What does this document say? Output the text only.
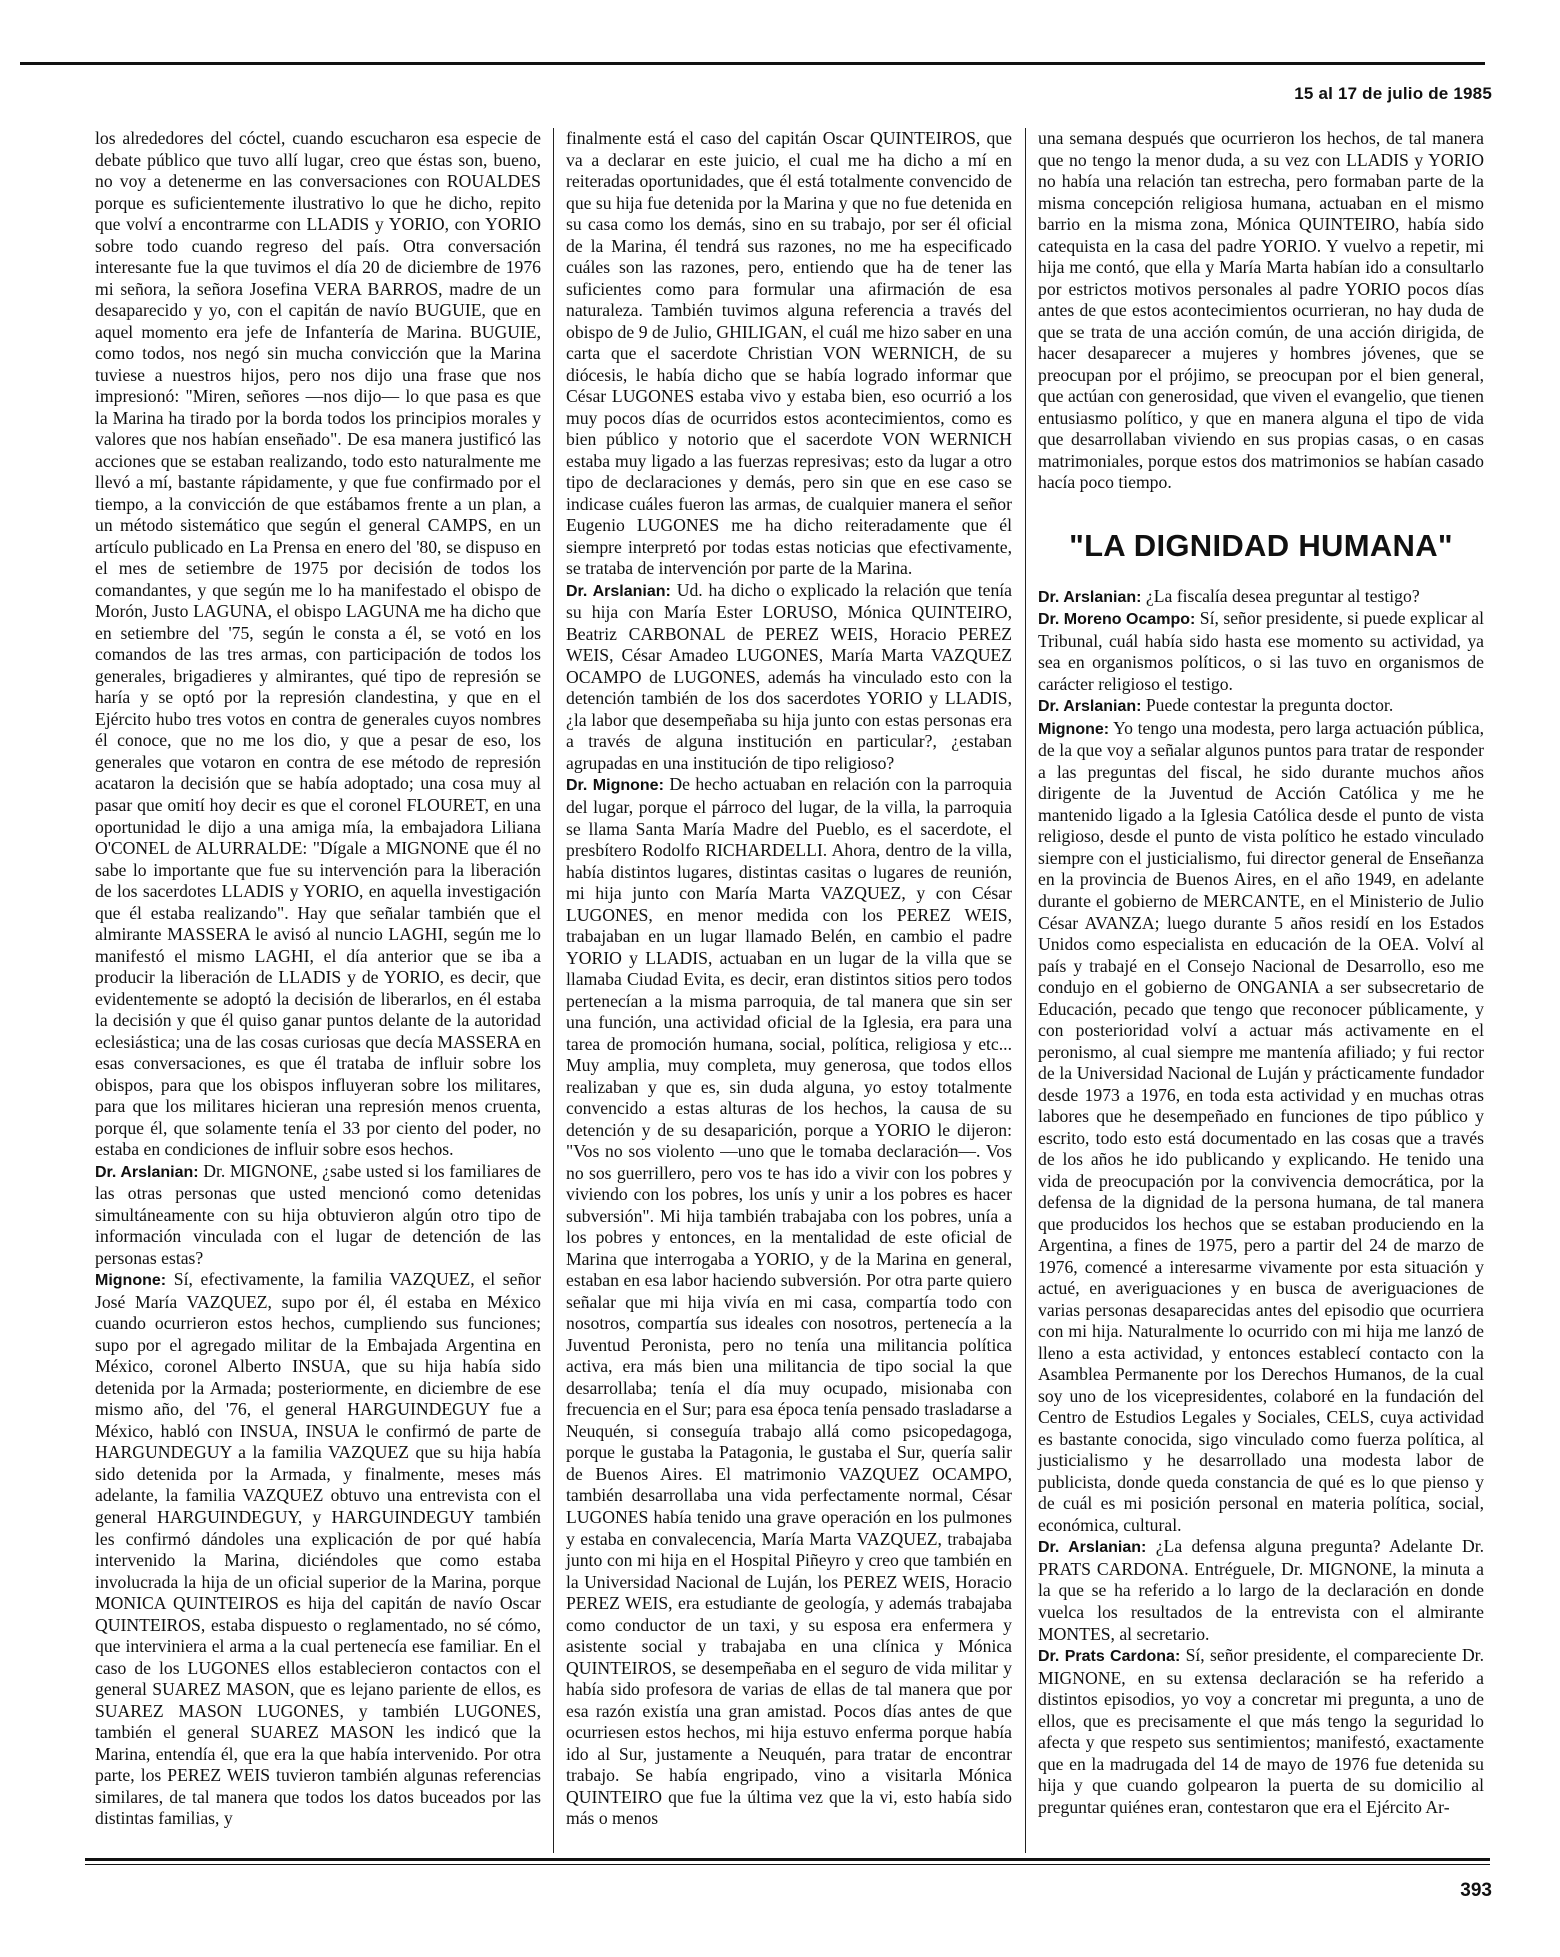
15 al 17 de julio de 1985

los alrededores del cóctel, cuando escucharon esa especie de debate público que tuvo allí lugar, creo que éstas son, bueno, no voy a detenerme en las conversaciones con ROUALDES porque es suficientemente ilustrativo lo que he dicho, repito que volví a encontrarme con LLADIS y YORIO, con YORIO sobre todo cuando regreso del país. Otra conversación interesante fue la que tuvimos el día 20 de diciembre de 1976 mi señora, la señora Josefina VERA BARROS, madre de un desaparecido y yo, con el capitán de navío BUGUIE, que en aquel momento era jefe de Infantería de Marina. BUGUIE, como todos, nos negó sin mucha convicción que la Marina tuviese a nuestros hijos, pero nos dijo una frase que nos impresionó: "Miren, señores —nos dijo— lo que pasa es que la Marina ha tirado por la borda todos los principios morales y valores que nos habían enseñado". De esa manera justificó las acciones que se estaban realizando, todo esto naturalmente me llevó a mí, bastante rápidamente, y que fue confirmado por el tiempo, a la convicción de que estábamos frente a un plan, a un método sistemático que según el general CAMPS, en un artículo publicado en La Prensa en enero del '80, se dispuso en el mes de setiembre de 1975 por decisión de todos los comandantes, y que según me lo ha manifestado el obispo de Morón, Justo LAGUNA, el obispo LAGUNA me ha dicho que en setiembre del '75, según le consta a él, se votó en los comandos de las tres armas, con participación de todos los generales, brigadieres y almirantes, qué tipo de represión se haría y se optó por la represión clandestina, y que en el Ejército hubo tres votos en contra de generales cuyos nombres él conoce, que no me los dio, y que a pesar de eso, los generales que votaron en contra de ese método de represión acataron la decisión que se había adoptado; una cosa muy al pasar que omití hoy decir es que el coronel FLOURET, en una oportunidad le dijo a una amiga mía, la embajadora Liliana O'CONEL de ALURRALDE: "Dígale a MIGNONE que él no sabe lo importante que fue su intervención para la liberación de los sacerdotes LLADIS y YORIO, en aquella investigación que él estaba realizando". Hay que señalar también que el almirante MASSERA le avisó al nuncio LAGHI, según me lo manifestó el mismo LAGHI, el día anterior que se iba a producir la liberación de LLADIS y de YORIO, es decir, que evidentemente se adoptó la decisión de liberarlos, en él estaba la decisión y que él quiso ganar puntos delante de la autoridad eclesiástica; una de las cosas curiosas que decía MASSERA en esas conversaciones, es que él trataba de influir sobre los obispos, para que los obispos influyeran sobre los militares, para que los militares hicieran una represión menos cruenta, porque él, que solamente tenía el 33 por ciento del poder, no estaba en condiciones de influir sobre esos hechos.

Dr. Arslanian: Dr. MIGNONE, ¿sabe usted si los familiares de las otras personas que usted mencionó como detenidas simultáneamente con su hija obtuvieron algún otro tipo de información vinculada con el lugar de detención de las personas estas?

Mignone: Sí, efectivamente, la familia VAZQUEZ, el señor José María VAZQUEZ, supo por él, él estaba en México cuando ocurrieron estos hechos, cumpliendo sus funciones; supo por el agregado militar de la Embajada Argentina en México, coronel Alberto INSUA, que su hija había sido detenida por la Armada; posteriormente, en diciembre de ese mismo año, del '76, el general HARGUINDEGUY fue a México, habló con INSUA, INSUA le confirmó de parte de HARGUNDEGUY a la familia VAZQUEZ que su hija había sido detenida por la Armada, y finalmente, meses más adelante, la familia VAZQUEZ obtuvo una entrevista con el general HARGUINDEGUY, y HARGUINDEGUY también les confirmó dándoles una explicación de por qué había intervenido la Marina, diciéndoles que como estaba involucrada la hija de un oficial superior de la Marina, porque MONICA QUINTEIROS es hija del capitán de navío Oscar QUINTEIROS, estaba dispuesto o reglamentado, no sé cómo, que interviniera el arma a la cual pertenecía ese familiar. En el caso de los LUGONES ellos establecieron contactos con el general SUAREZ MASON, que es lejano pariente de ellos, es SUAREZ MASON LUGONES, y también LUGONES, también el general SUAREZ MASON les indicó que la Marina, entendía él, que era la que había intervenido. Por otra parte, los PEREZ WEIS tuvieron también algunas referencias similares, de tal manera que todos los datos buceados por las distintas familias, y

finalmente está el caso del capitán Oscar QUINTEIROS, que va a declarar en este juicio, el cual me ha dicho a mí en reiteradas oportunidades, que él está totalmente convencido de que su hija fue detenida por la Marina y que no fue detenida en su casa como los demás, sino en su trabajo, por ser él oficial de la Marina, él tendrá sus razones, no me ha especificado cuáles son las razones, pero, entiendo que ha de tener las suficientes como para formular una afirmación de esa naturaleza. También tuvimos alguna referencia a través del obispo de 9 de Julio, GHILIGAN, el cuál me hizo saber en una carta que el sacerdote Christian VON WERNICH, de su diócesis, le había dicho que se había logrado informar que César LUGONES estaba vivo y estaba bien, eso ocurrió a los muy pocos días de ocurridos estos acontecimientos, como es bien público y notorio que el sacerdote VON WERNICH estaba muy ligado a las fuerzas represivas; esto da lugar a otro tipo de declaraciones y demás, pero sin que en ese caso se indicase cuáles fueron las armas, de cualquier manera el señor Eugenio LUGONES me ha dicho reiteradamente que él siempre interpretó por todas estas noticias que efectivamente, se trataba de intervención por parte de la Marina.

Dr. Arslanian: Ud. ha dicho o explicado la relación que tenía su hija con María Ester LORUSO, Mónica QUINTEIRO, Beatriz CARBONAL de PEREZ WEIS, Horacio PEREZ WEIS, César Amadeo LUGONES, María Marta VAZQUEZ OCAMPO de LUGONES, además ha vinculado esto con la detención también de los dos sacerdotes YORIO y LLADIS, ¿la labor que desempeñaba su hija junto con estas personas era a través de alguna institución en particular?, ¿estaban agrupadas en una institución de tipo religioso?

Dr. Mignone: De hecho actuaban en relación con la parroquia del lugar, porque el párroco del lugar, de la villa, la parroquia se llama Santa María Madre del Pueblo, es el sacerdote, el presbítero Rodolfo RICHARDELLI. Ahora, dentro de la villa, había distintos lugares, distintas casitas o lugares de reunión, mi hija junto con María Marta VAZQUEZ, y con César LUGONES, en menor medida con los PEREZ WEIS, trabajaban en un lugar llamado Belén, en cambio el padre YORIO y LLADIS, actuaban en un lugar de la villa que se llamaba Ciudad Evita, es decir, eran distintos sitios pero todos pertenecían a la misma parroquia, de tal manera que sin ser una función, una actividad oficial de la Iglesia, era para una tarea de promoción humana, social, política, religiosa y etc... Muy amplia, muy completa, muy generosa, que todos ellos realizaban y que es, sin duda alguna, yo estoy totalmente convencido a estas alturas de los hechos, la causa de su detención y de su desaparición, porque a YORIO le dijeron: "Vos no sos violento —uno que le tomaba declaración—. Vos no sos guerrillero, pero vos te has ido a vivir con los pobres y viviendo con los pobres, los unís y unir a los pobres es hacer subversión". Mi hija también trabajaba con los pobres, unía a los pobres y entonces, en la mentalidad de este oficial de Marina que interrogaba a YORIO, y de la Marina en general, estaban en esa labor haciendo subversión. Por otra parte quiero señalar que mi hija vivía en mi casa, compartía todo con nosotros, compartía sus ideales con nosotros, pertenecía a la Juventud Peronista, pero no tenía una militancia política activa, era más bien una militancia de tipo social la que desarrollaba; tenía el día muy ocupado, misionaba con frecuencia en el Sur; para esa época tenía pensado trasladarse a Neuquén, si conseguía trabajo allá como psicopedagoga, porque le gustaba la Patagonia, le gustaba el Sur, quería salir de Buenos Aires. El matrimonio VAZQUEZ OCAMPO, también desarrollaba una vida perfectamente normal, César LUGONES había tenido una grave operación en los pulmones y estaba en convalecencia, María Marta VAZQUEZ, trabajaba junto con mi hija en el Hospital Piñeyro y creo que también en la Universidad Nacional de Luján, los PEREZ WEIS, Horacio PEREZ WEIS, era estudiante de geología, y además trabajaba como conductor de un taxi, y su esposa era enfermera y asistente social y trabajaba en una clínica y Mónica QUINTEIROS, se desempeñaba en el seguro de vida militar y había sido profesora de varias de ellas de tal manera que por esa razón existía una gran amistad. Pocos días antes de que ocurriesen estos hechos, mi hija estuvo enferma porque había ido al Sur, justamente a Neuquén, para tratar de encontrar trabajo. Se había engripado, vino a visitarla Mónica QUINTEIRO que fue la última vez que la vi, esto había sido más o menos

una semana después que ocurrieron los hechos, de tal manera que no tengo la menor duda, a su vez con LLADIS y YORIO no había una relación tan estrecha, pero formaban parte de la misma concepción religiosa humana, actuaban en el mismo barrio en la misma zona, Mónica QUINTEIRO, había sido catequista en la casa del padre YORIO. Y vuelvo a repetir, mi hija me contó, que ella y María Marta habían ido a consultarlo por estrictos motivos personales al padre YORIO pocos días antes de que estos acontecimientos ocurrieran, no hay duda de que se trata de una acción común, de una acción dirigida, de hacer desaparecer a mujeres y hombres jóvenes, que se preocupan por el prójimo, se preocupan por el bien general, que actúan con generosidad, que viven el evangelio, que tienen entusiasmo político, y que en manera alguna el tipo de vida que desarrollaban viviendo en sus propias casas, o en casas matrimoniales, porque estos dos matrimonios se habían casado hacía poco tiempo.

"LA DIGNIDAD HUMANA"

Dr. Arslanian: ¿La fiscalía desea preguntar al testigo?

Dr. Moreno Ocampo: Sí, señor presidente, si puede explicar al Tribunal, cuál había sido hasta ese momento su actividad, ya sea en organismos políticos, o si las tuvo en organismos de carácter religioso el testigo.

Dr. Arslanian: Puede contestar la pregunta doctor.

Mignone: Yo tengo una modesta, pero larga actuación pública, de la que voy a señalar algunos puntos para tratar de responder a las preguntas del fiscal, he sido durante muchos años dirigente de la Juventud de Acción Católica y me he mantenido ligado a la Iglesia Católica desde el punto de vista religioso, desde el punto de vista político he estado vinculado siempre con el justicialismo, fui director general de Enseñanza en la provincia de Buenos Aires, en el año 1949, en adelante durante el gobierno de MERCANTE, en el Ministerio de Julio César AVANZA; luego durante 5 años residí en los Estados Unidos como especialista en educación de la OEA. Volví al país y trabajé en el Consejo Nacional de Desarrollo, eso me condujo en el gobierno de ONGANIA a ser subsecretario de Educación, pecado que tengo que reconocer públicamente, y con posterioridad volví a actuar más activamente en el peronismo, al cual siempre me mantenía afiliado; y fui rector de la Universidad Nacional de Luján y prácticamente fundador desde 1973 a 1976, en toda esta actividad y en muchas otras labores que he desempeñado en funciones de tipo público y escrito, todo esto está documentado en las cosas que a través de los años he ido publicando y explicando. He tenido una vida de preocupación por la convivencia democrática, por la defensa de la dignidad de la persona humana, de tal manera que producidos los hechos que se estaban produciendo en la Argentina, a fines de 1975, pero a partir del 24 de marzo de 1976, comencé a interesarme vivamente por esta situación y actué, en averiguaciones y en busca de averiguaciones de varias personas desaparecidas antes del episodio que ocurriera con mi hija. Naturalmente lo ocurrido con mi hija me lanzó de lleno a esta actividad, y entonces establecí contacto con la Asamblea Permanente por los Derechos Humanos, de la cual soy uno de los vicepresidentes, colaboré en la fundación del Centro de Estudios Legales y Sociales, CELS, cuya actividad es bastante conocida, sigo vinculado como fuerza política, al justicialismo y he desarrollado una modesta labor de publicista, donde queda constancia de qué es lo que pienso y de cuál es mi posición personal en materia política, social, económica, cultural.

Dr. Arslanian: ¿La defensa alguna pregunta? Adelante Dr. PRATS CARDONA. Entréguele, Dr. MIGNONE, la minuta a la que se ha referido a lo largo de la declaración en donde vuelca los resultados de la entrevista con el almirante MONTES, al secretario.

Dr. Prats Cardona: Sí, señor presidente, el compareciente Dr. MIGNONE, en su extensa declaración se ha referido a distintos episodios, yo voy a concretar mi pregunta, a uno de ellos, que es precisamente el que más tengo la seguridad lo afecta y que respeto sus sentimientos; manifestó, exactamente que en la madrugada del 14 de mayo de 1976 fue detenida su hija y que cuando golpearon la puerta de su domicilio al preguntar quiénes eran, contestaron que era el Ejército Ar-

393
